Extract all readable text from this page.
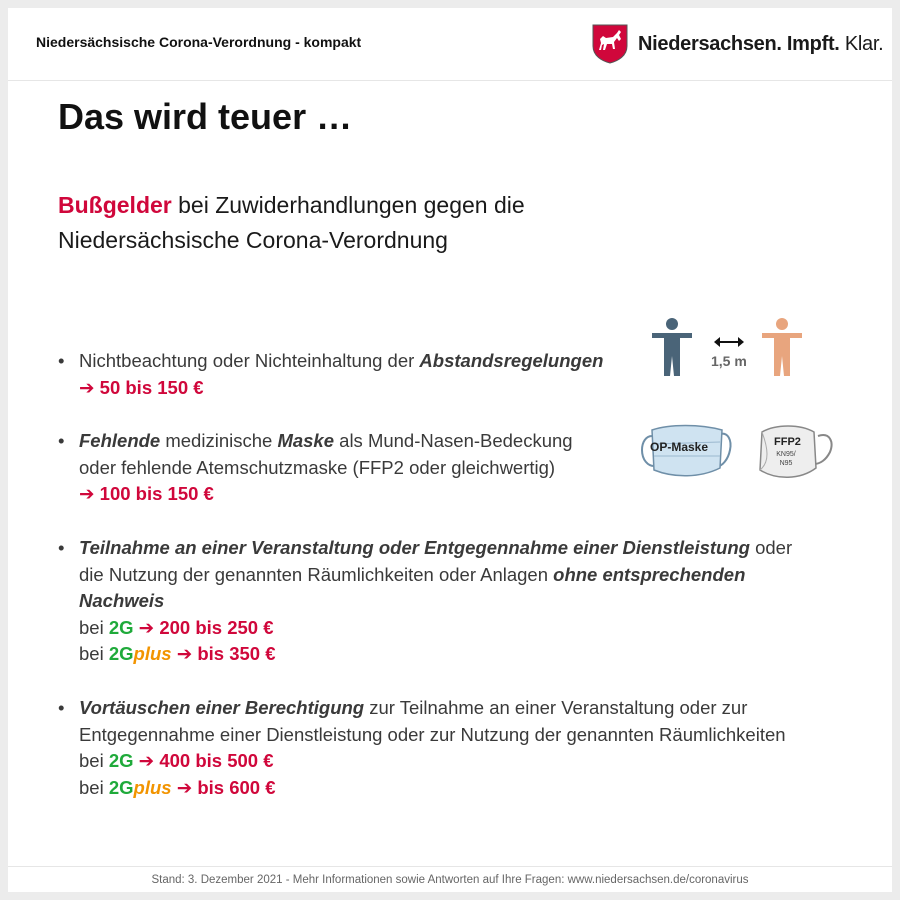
Niedersächsische Corona-Verordnung - kompakt	Niedersachsen. Impft. Klar.
Das wird teuer …
Bußgelder bei Zuwiderhandlungen gegen die
Niedersächsische Corona-Verordnung
• Nichtbeachtung oder Nichteinhaltung der Abstandsregelungen
➔ 50 bis 150 €
1,5 m
• Fehlende medizinische Maske als Mund-Nasen-Bedeckung
oder fehlende Atemschutzmaske (FFP2 oder gleichwertig)
➔ 100 bis 150 €
OP-Maske	FFP2
KN95/
N95
• Teilnahme an einer Veranstaltung oder Entgegennahme einer Dienstleistung oder
die Nutzung der genannten Räumlichkeiten oder Anlagen ohne entsprechenden
Nachweis
bei 2G ➔ 200 bis 250 €
bei 2Gplus ➔ bis 350 €
• Vortäuschen einer Berechtigung zur Teilnahme an einer Veranstaltung oder zur
Entgegennahme einer Dienstleistung oder zur Nutzung der genannten Räumlichkeiten
bei 2G ➔ 400 bis 500 €
bei 2Gplus ➔ bis 600 €
Stand: 3. Dezember 2021 - Mehr Informationen sowie Antworten auf Ihre Fragen: www.niedersachsen.de/coronavirus
